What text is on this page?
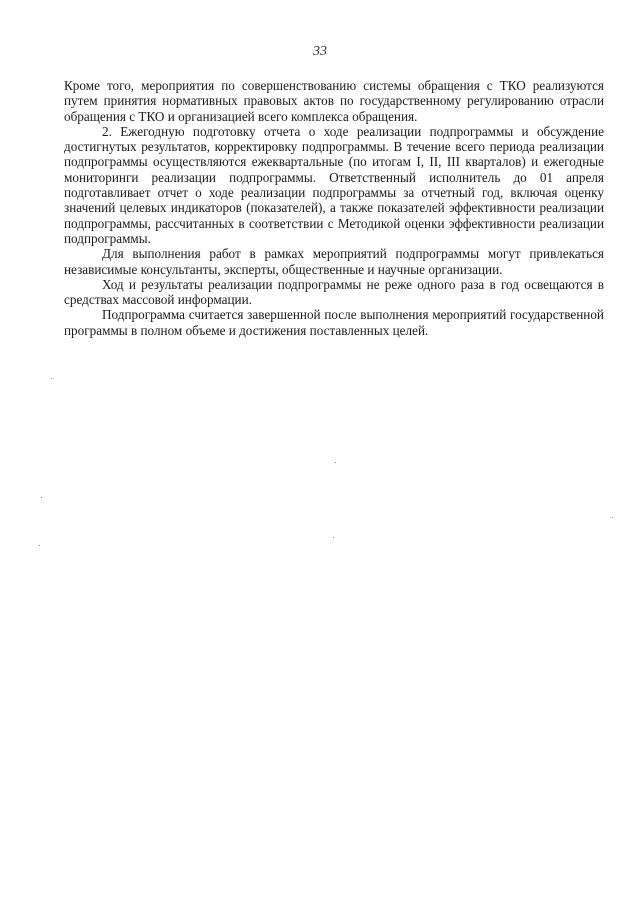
33

Кроме того, мероприятия по совершенствованию системы обращения с ТКО реализуются путем принятия нормативных правовых актов по государственному регулированию отрасли обращения с ТКО и организацией всего комплекса обращения.

2. Ежегодную подготовку отчета о ходе реализации подпрограммы и обсуждение достигнутых результатов, корректировку подпрограммы. В течение всего периода реализации подпрограммы осуществляются ежеквартальные (по итогам I, II, III кварталов) и ежегодные мониторинги реализации подпрограммы. Ответственный исполнитель до 01 апреля подготавливает отчет о ходе реализации подпрограммы за отчетный год, включая оценку значений целевых индикаторов (показателей), а также показателей эффективности реализации подпрограммы, рассчитанных в соответствии с Методикой оценки эффективности реализации подпрограммы.

Для выполнения работ в рамках мероприятий подпрограммы могут привлекаться независимые консультанты, эксперты, общественные и научные организации.

Ход и результаты реализации подпрограммы не реже одного раза в год освещаются в средствах массовой информации.

Подпрограмма считается завершенной после выполнения мероприятий государственной программы в полном объеме и достижения поставленных целей.
